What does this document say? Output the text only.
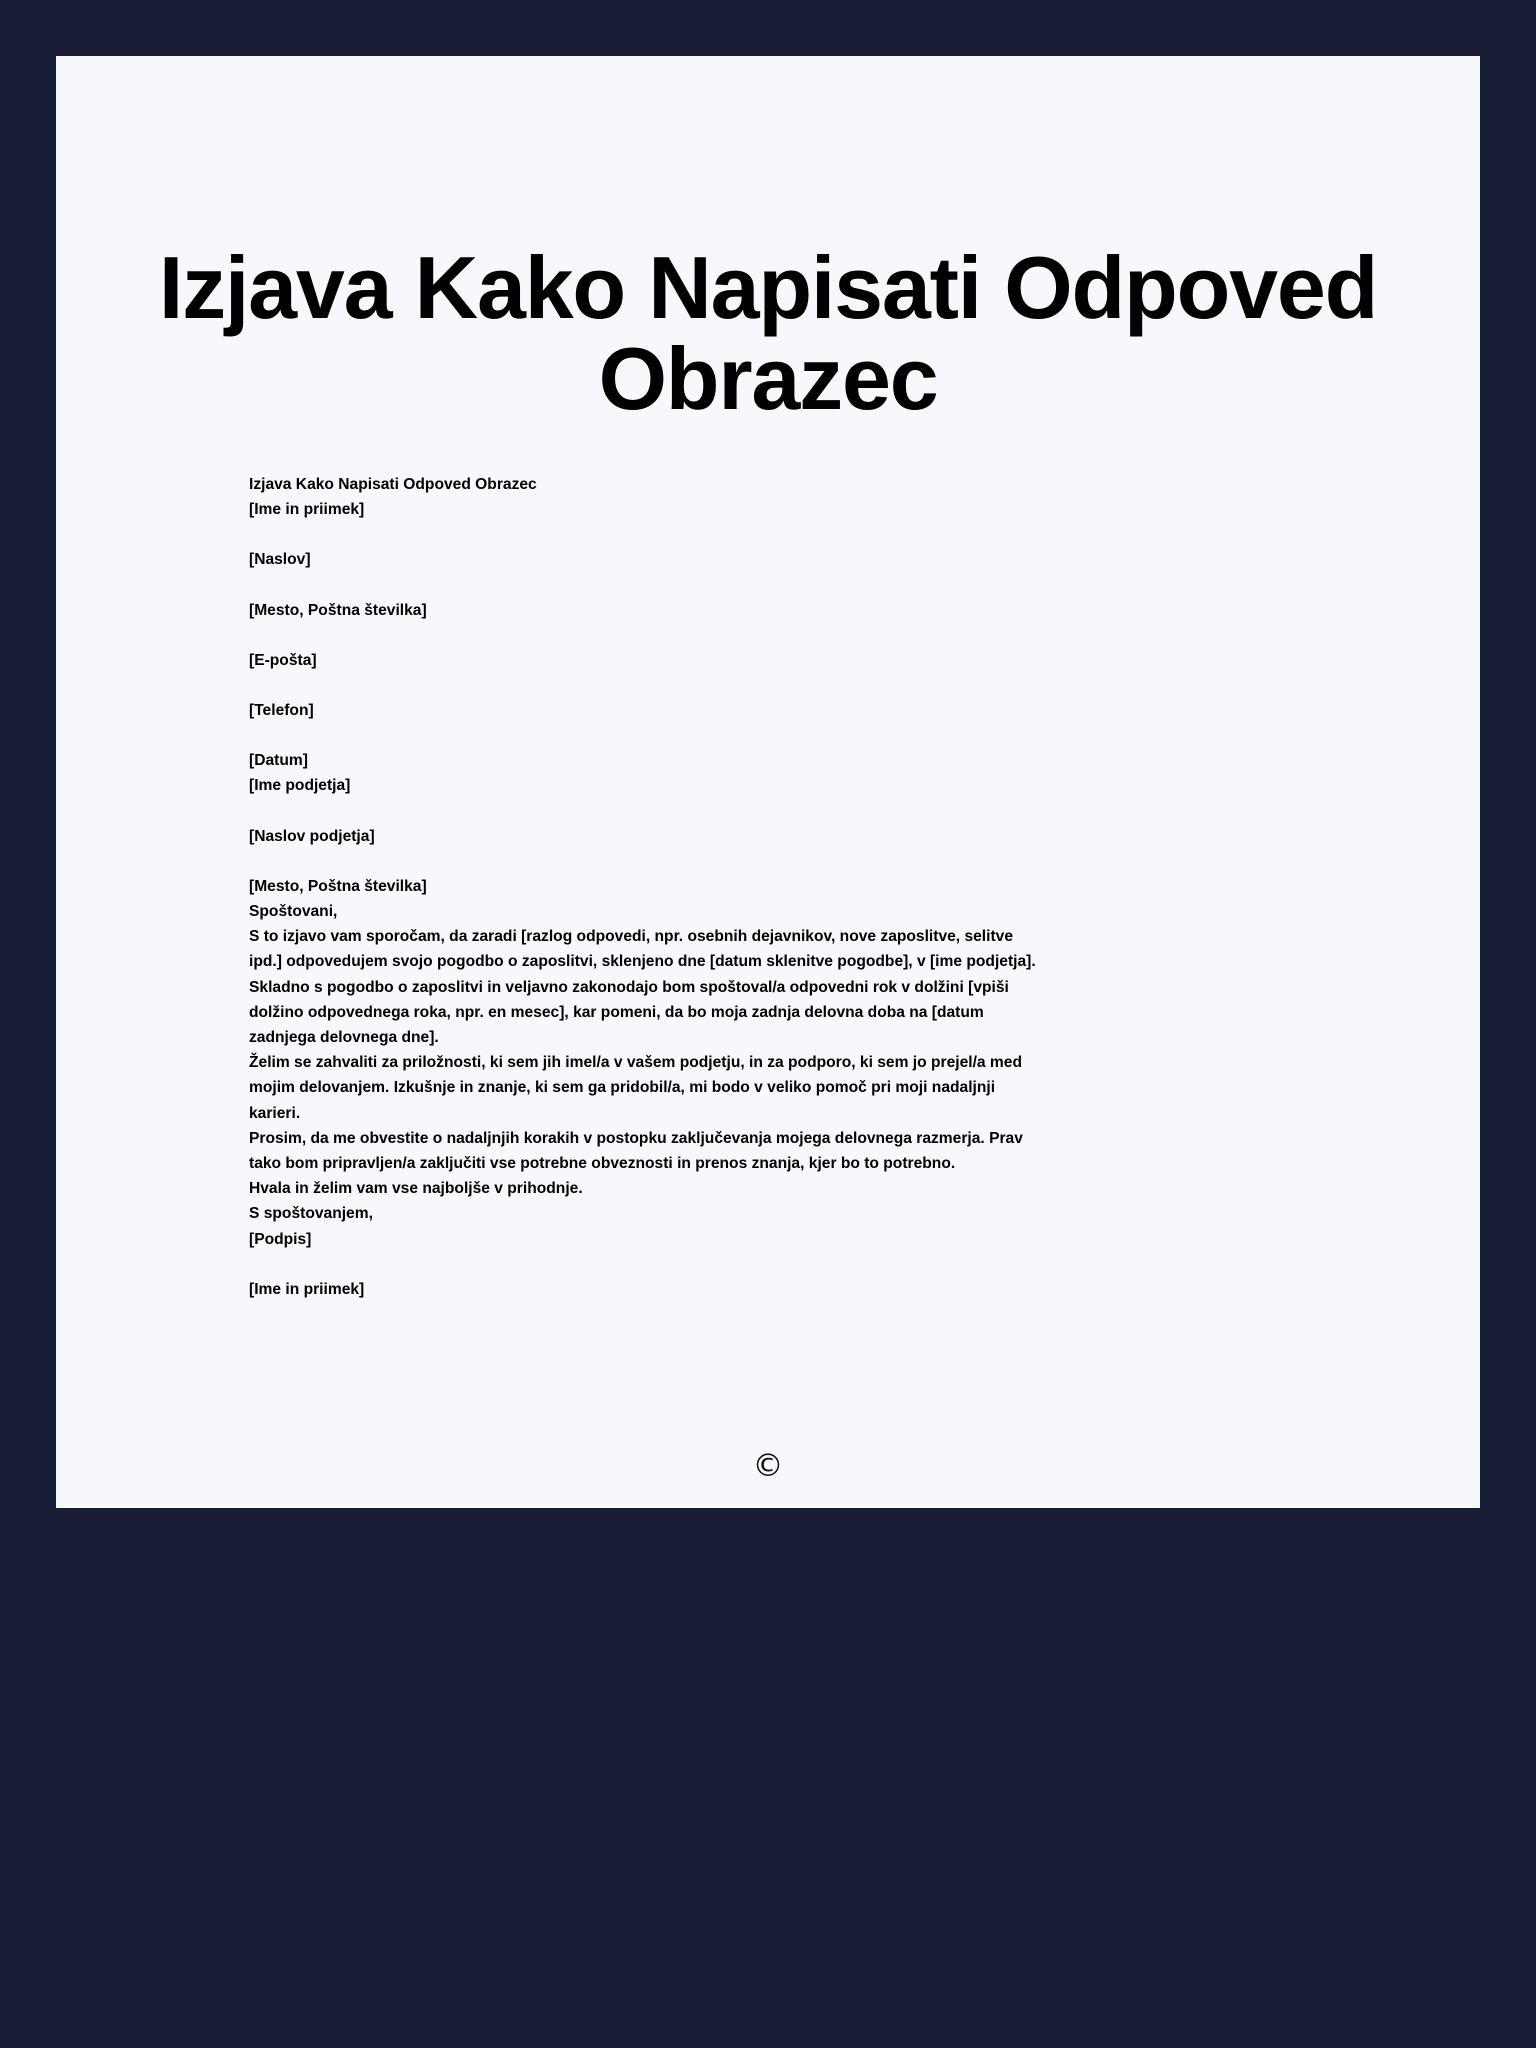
Izjava Kako Napisati Odpoved Obrazec
Izjava Kako Napisati Odpoved Obrazec
[Ime in priimek]
[Naslov]
[Mesto, Poštna številka]
[E-pošta]
[Telefon]
[Datum]
[Ime podjetja]
[Naslov podjetja]
[Mesto, Poštna številka]
Spoštovani,
S to izjavo vam sporočam, da zaradi [razlog odpovedi, npr. osebnih dejavnikov, nove zaposlitve, selitve ipd.] odpovedujem svojo pogodbo o zaposlitvi, sklenjeno dne [datum sklenitve pogodbe], v [ime podjetja].
Skladno s pogodbo o zaposlitvi in veljavno zakonodajo bom spoštoval/a odpovedni rok v dolžini [vpiši dolžino odpovednega roka, npr. en mesec], kar pomeni, da bo moja zadnja delovna doba na [datum zadnjega delovnega dne].
Želim se zahvaliti za priložnosti, ki sem jih imel/a v vašem podjetju, in za podporo, ki sem jo prejel/a med mojim delovanjem. Izkušnje in znanje, ki sem ga pridobil/a, mi bodo v veliko pomoč pri moji nadaljnji karieri.
Prosim, da me obvestite o nadaljnjih korakih v postopku zaključevanja mojega delovnega razmerja. Prav tako bom pripravljen/a zaključiti vse potrebne obveznosti in prenos znanja, kjer bo to potrebno.
Hvala in želim vam vse najboljše v prihodnje.
S spoštovanjem,
[Podpis]
[Ime in priimek]
©
